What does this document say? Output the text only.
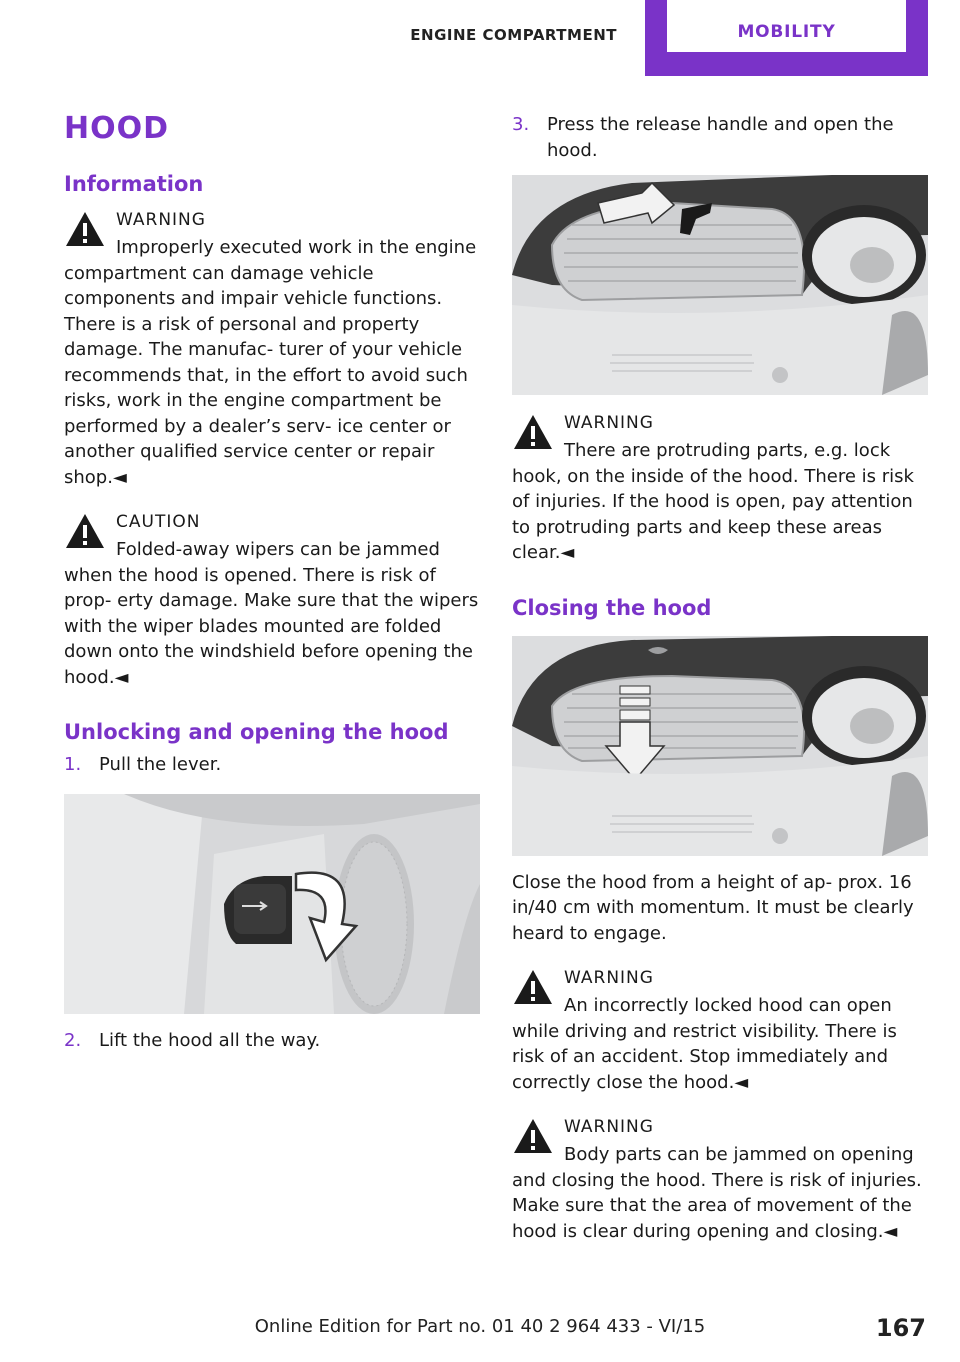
ENGINE COMPARTMENT	MOBILITY
HOOD
Information
WARNING

Improperly executed work in the engine

compartment can damage vehicle components and impair vehicle functions. There is a risk of personal and property damage. The manufac‐ turer of your vehicle recommends that, in the effort to avoid such risks, work in the engine compartment be performed by a dealer’s serv‐ ice center or another qualified service center or repair shop.◄

CAUTION

Folded-away wipers can be jammed

when the hood is opened. There is risk of prop‐ erty damage. Make sure that the wipers with the wiper blades mounted are folded down onto the windshield before opening the hood.◄

Unlocking and opening the hood
1. Pull the lever.
2. Lift the hood all the way.
3. Press the release handle and open the hood.
WARNING

There are protruding parts, e.g. lock

hook, on the inside of the hood. There is risk of injuries. If the hood is open, pay attention to protruding parts and keep these areas clear.◄

Closing the hood

Close the hood from a height of ap‐ prox. 16 in/40 cm with momentum. It must be clearly heard to engage.

WARNING

An incorrectly locked hood can open

while driving and restrict visibility. There is risk of an accident. Stop immediately and correctly close the hood.◄

WARNING

Body parts can be jammed on opening

and closing the hood. There is risk of injuries. Make sure that the area of movement of the hood is clear during opening and closing.◄

Online Edition for Part no. 01 40 2 964 433 - VI/15	167
